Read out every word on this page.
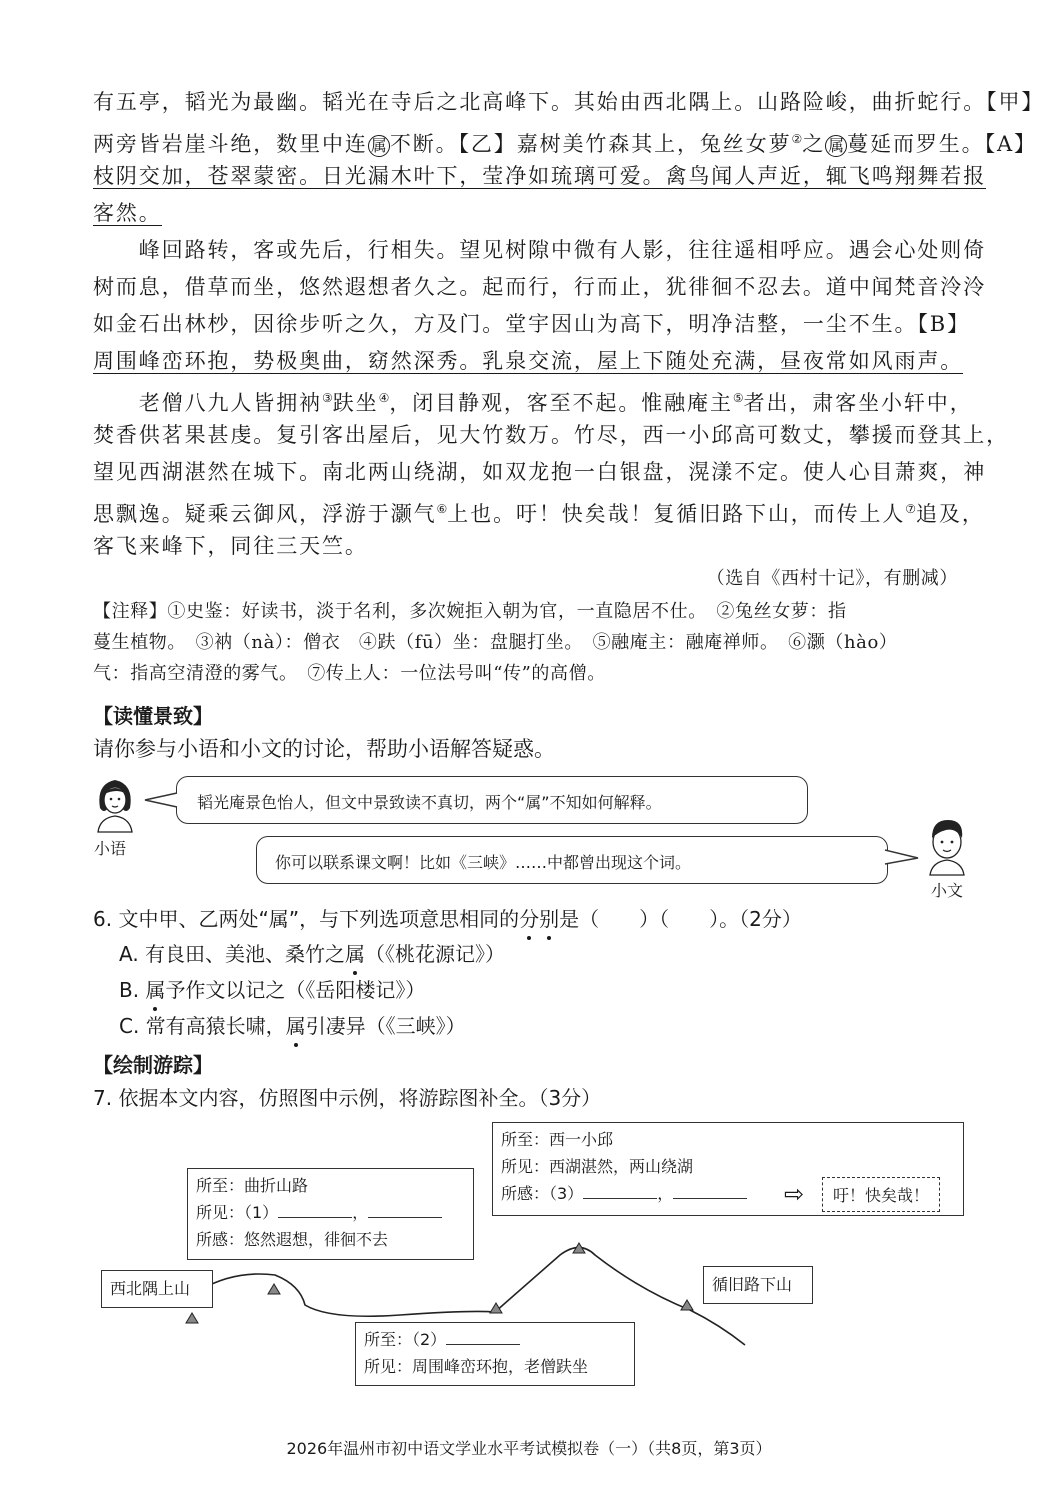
有五亭，韬光为最幽。韬光在寺后之北高峰下。其始由西北隅上。山路险峻，曲折蛇行。【甲】
两旁皆岩崖斗绝，数里中连 属 不断。【乙】嘉树美竹森其上，兔丝女萝②之 属 蔓延而罗生。【A】
枝阴交加，苍翠蒙密。日光漏木叶下，莹净如琉璃可爱。禽鸟闻人声近，辄飞鸣翔舞若报
客然。
　　峰回路转，客或先后，行相失。望见树隙中微有人影，往往遥相呼应。遇会心处则倚
树而息，借草而坐，悠然遐想者久之。起而行，行而止，犹徘徊不忍去。道中闻梵音泠泠
如金石出林杪，因徐步听之久，方及门。堂宇因山为高下，明净洁整，一尘不生。【B】
周围峰峦环抱，势极奥曲，窈然深秀。乳泉交流，屋上下随处充满，昼夜常如风雨声。
　　老僧八九人皆拥衲③趺坐④，闭目静观，客至不起。惟融庵主⑤者出，肃客坐小轩中，
焚香供茗果甚虔。复引客出屋后，见大竹数万。竹尽，西一小邱高可数丈，攀援而登其上，
望见西湖湛然在城下。南北两山绕湖，如双龙抱一白银盘，滉漾不定。使人心目萧爽，神
思飘逸。疑乘云御风，浮游于灏气⑥上也。吁！快矣哉！复循旧路下山，而传上人⑦追及，
客飞来峰下，同往三天竺。
（选自《西村十记》，有删减）
【注释】①史鉴：好读书，淡于名利，多次婉拒入朝为官，一直隐居不仕。　②兔丝女萝：指
蔓生植物。　③衲（nà）：僧衣　④趺（fū）坐：盘腿打坐。　⑤融庵主：融庵禅师。　⑥灏（hào）
气：指高空清澄的雾气。　⑦传上人：一位法号叫“传”的高僧。
【读懂景致】
请你参与小语和小文的讨论，帮助小语解答疑惑。
小语
韬光庵景色怡人，但文中景致读不真切，两个“属”不知如何解释。
你可以联系课文啊！比如《三峡》……中都曾出现这个词。
小文
6. 文中甲、乙两处“属”，与下列选项意思相同的分别是（　　）（　　）。（2分）
A. 有良田、美池、桑竹之属（《桃花源记》）
B. 属予作文以记之（《岳阳楼记》）
C. 常有高猿长啸，属引凄异（《三峡》）
【绘制游踪】
7. 依据本文内容，仿照图中示例，将游踪图补全。（3分）
西北隅上山	循旧路下山
所至：曲折山路
所见：（1）	，
所感：悠然遐想，徘徊不去
所至：（2）
所见：周围峰峦环抱，老僧趺坐
所至：西一小邱
所见：西湖湛然，两山绕湖
所感：（3）	，	⇨	吁！快矣哉！
2026年温州市初中语文学业水平考试模拟卷（一）（共8页，第3页）
